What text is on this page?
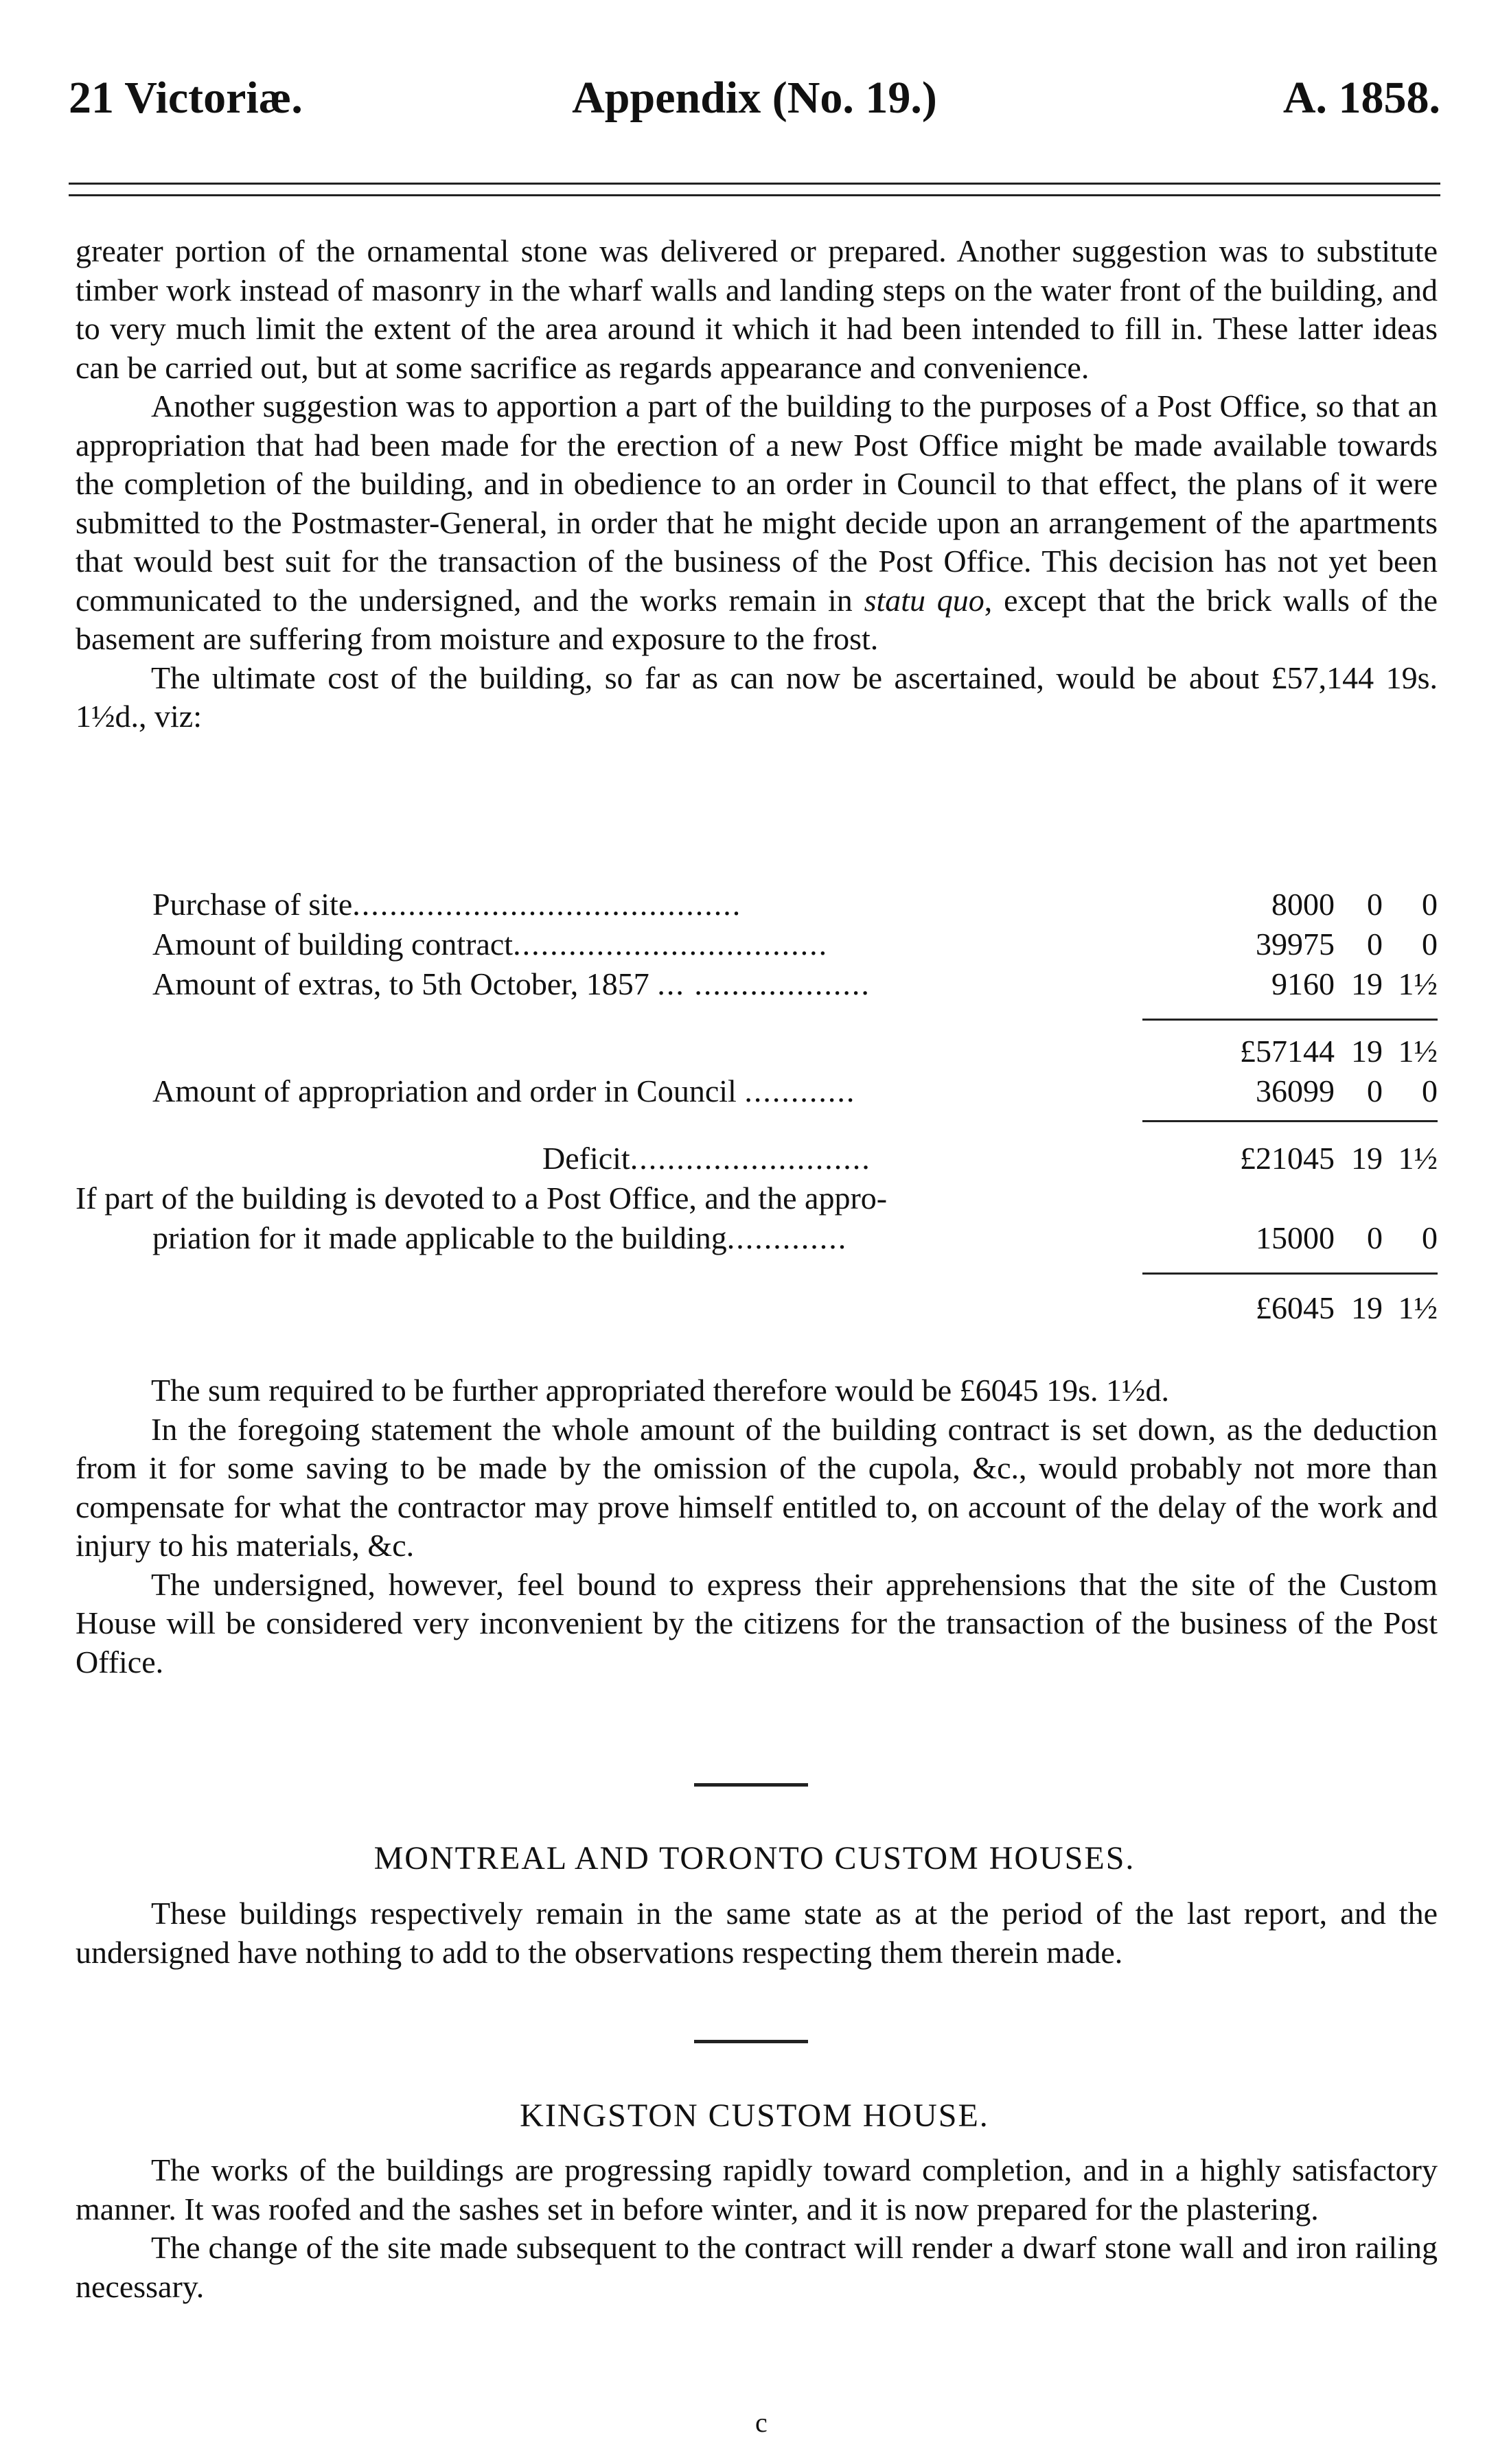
21 Victoriæ.	Appendix (No. 19.)	A. 1858.

greater portion of the ornamental stone was delivered or prepared. Another suggestion was to substitute timber work instead of masonry in the wharf walls and landing steps on the water front of the building, and to very much limit the extent of the area around it which it had been intended to fill in. These latter ideas can be carried out, but at some sacrifice as regards appearance and convenience.

Another suggestion was to apportion a part of the building to the purposes of a Post Office, so that an appropriation that had been made for the erection of a new Post Office might be made available towards the completion of the building, and in obedience to an order in Council to that effect, the plans of it were submitted to the Postmaster-General, in order that he might decide upon an arrangement of the apartments that would best suit for the transaction of the business of the Post Office. This decision has not yet been communicated to the undersigned, and the works remain in statu quo, except that the brick walls of the basement are suffering from moisture and exposure to the frost.

The ultimate cost of the building, so far as can now be ascertained, would be about £57,144 19s. 1½d., viz:

Purchase of site..........................................	8000 0 0
Amount of building contract..................................	39975 0 0
Amount of extras, to 5th October, 1857 ... ...................	9160 19 1½
£57144 19 1½
Amount of appropriation and order in Council ............	36099 0 0
Deficit..........................	£21045 19 1½
If part of the building is devoted to a Post Office, and the appro-
priation for it made applicable to the building.............	15000 0 0
£6045 19 1½

The sum required to be further appropriated therefore would be £6045 19s. 1½d.

In the foregoing statement the whole amount of the building contract is set down, as the deduction from it for some saving to be made by the omission of the cupola, &c., would probably not more than compensate for what the contractor may prove himself entitled to, on account of the delay of the work and injury to his materials, &c.

The undersigned, however, feel bound to express their apprehensions that the site of the Custom House will be considered very inconvenient by the citizens for the transaction of the business of the Post Office.

MONTREAL AND TORONTO CUSTOM HOUSES.

These buildings respectively remain in the same state as at the period of the last report, and the undersigned have nothing to add to the observations respecting them therein made.

KINGSTON CUSTOM HOUSE.

The works of the buildings are progressing rapidly toward completion, and in a highly satisfactory manner. It was roofed and the sashes set in before winter, and it is now prepared for the plastering.

The change of the site made subsequent to the contract will render a dwarf stone wall and iron railing necessary.

c
